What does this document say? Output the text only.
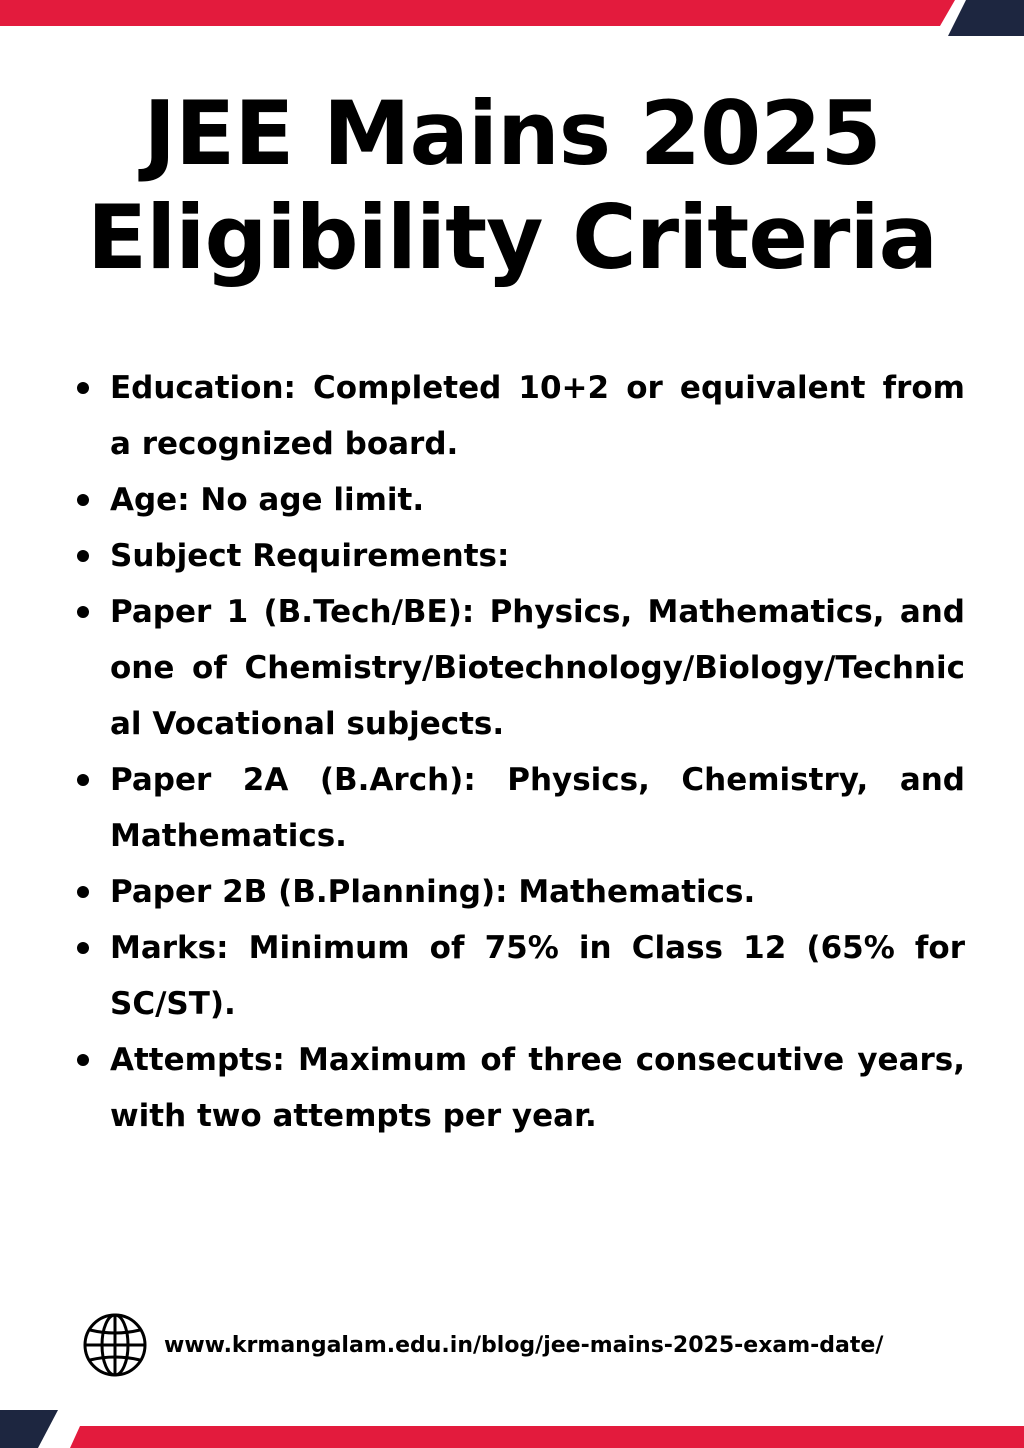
JEE Mains 2025
Eligibility Criteria
Education: Completed 10+2 or equivalent from a recognized board.
Age: No age limit.
Subject Requirements:
Paper 1 (B.Tech/BE): Physics, Mathematics, and one of Chemistry/Biotechnology/Biology/Technical Vocational subjects.
Paper 2A (B.Arch): Physics, Chemistry, and Mathematics.
Paper 2B (B.Planning): Mathematics.
Marks: Minimum of 75% in Class 12 (65% for SC/ST).
Attempts: Maximum of three consecutive years, with two attempts per year.
www.krmangalam.edu.in/blog/jee-mains-2025-exam-date/
